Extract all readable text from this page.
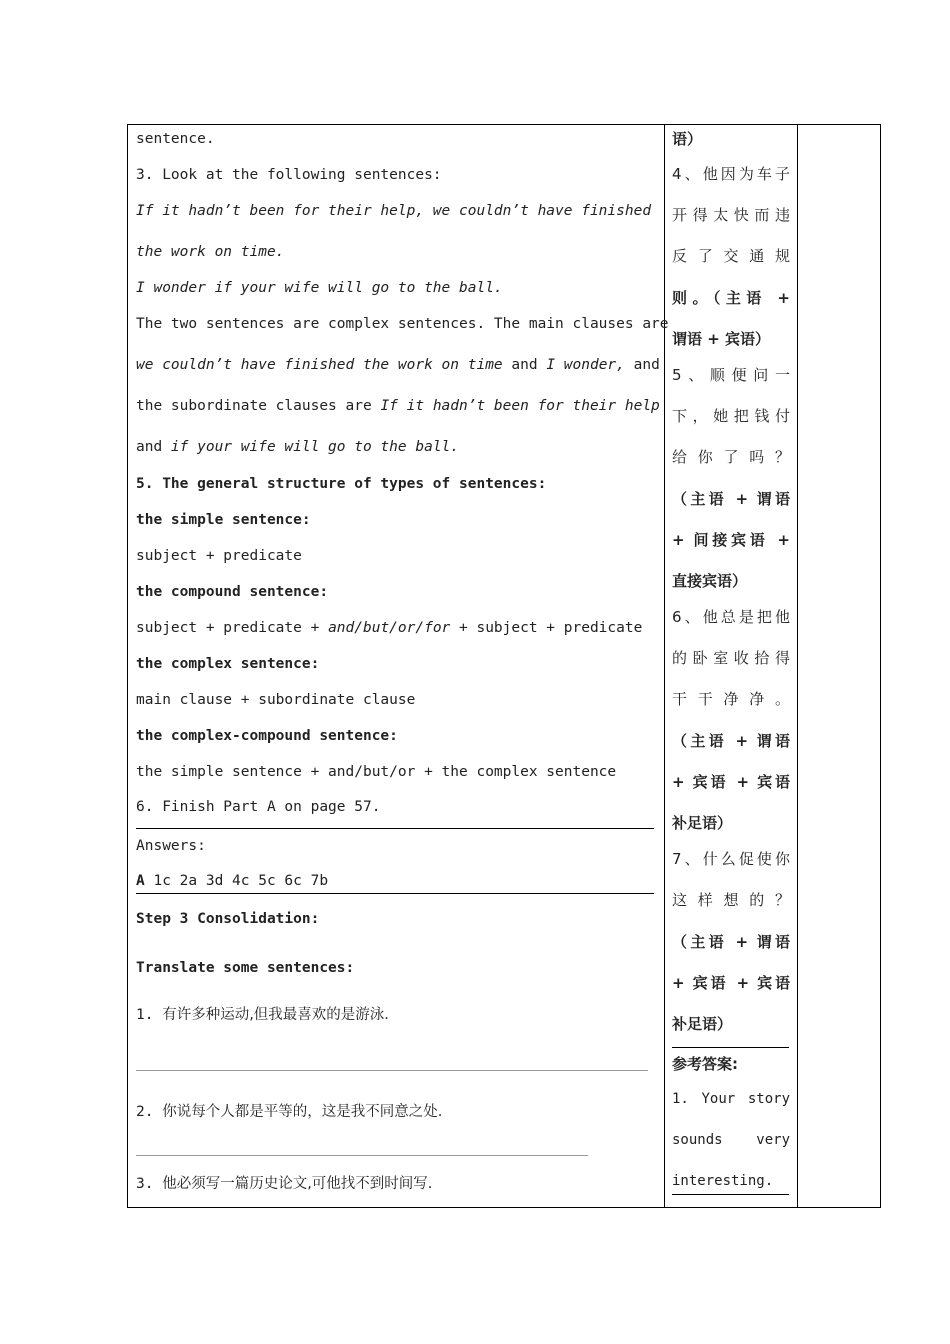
sentence.
3. Look at the following sentences:
If it hadn’t been for their help, we couldn’t have finished
the work on time.
I wonder if your wife will go to the ball.
The two sentences are complex sentences. The main clauses are
we couldn’t have finished the work on time and I wonder, and
the subordinate clauses are If it hadn’t been for their help
and if your wife will go to the ball.
5. The general structure of types of sentences:
the simple sentence:
subject + predicate
the compound sentence:
subject + predicate + and/but/or/for + subject + predicate
the complex sentence:
main clause + subordinate clause
the complex-compound sentence:
the simple sentence + and/but/or + the complex sentence
6. Finish Part A on page 57.
Answers:
A 1c 2a 3d 4c 5c 6c 7b
Step 3 Consolidation:
Translate some sentences:
1. 有许多种运动,但我最喜欢的是游泳.
2. 你说每个人都是平等的，这是我不同意之处.
3. 他必须写一篇历史论文,可他找不到时间写.
语）
4、他因为车子
开得太快而违
反了交通规
则。（主语 +
谓语 + 宾语）
5、顺便问一
下，她把钱付
给你了吗？
（主语 + 谓语
+ 间接宾语 +
直接宾语）
6、他总是把他
的卧室收拾得
干干净净。
（主语 + 谓语
+ 宾语 + 宾语
补足语）
7、什么促使你
这样想的？
（主语 + 谓语
+ 宾语 + 宾语
补足语）
参考答案:
1. Your story
sounds very
interesting.
